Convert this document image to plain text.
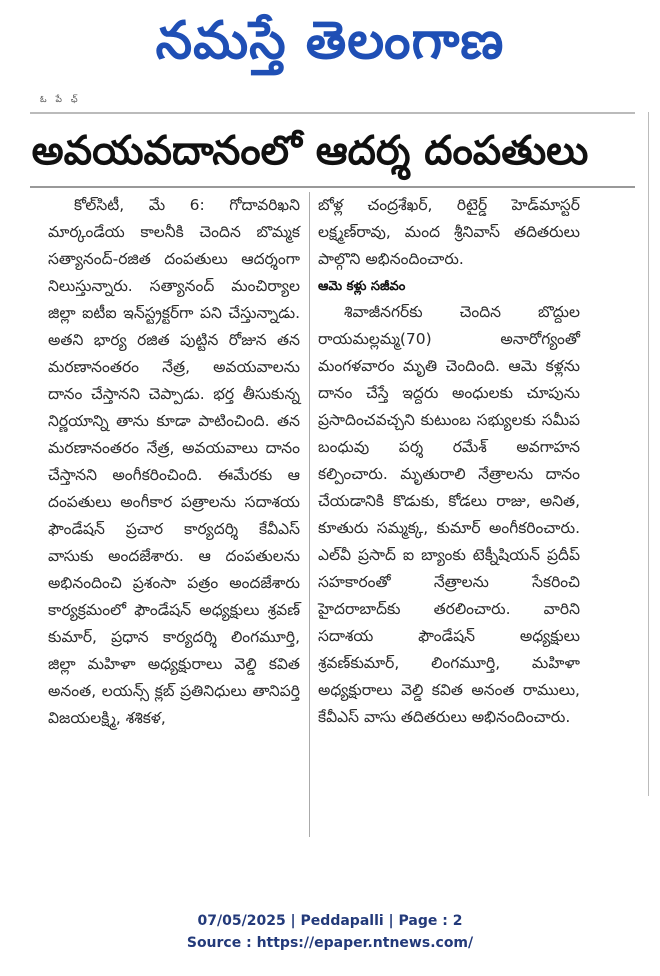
నమస్తే తెలంగాణ
ఓ పే ఛ్
అవయవదానంలో ఆదర్శ దంపతులు

కోల్‌సిటీ, మే 6: గోదావరిఖని మార్కండేయ కాలనీకి చెందిన బొమ్మక సత్యానంద్‌-రజిత దంపతులు ఆదర్శంగా నిలుస్తున్నారు. సత్యానంద్‌ మంచిర్యాల జిల్లా ఐటీఐ ఇన్‌స్ట్రక్టర్‌గా పని చేస్తున్నాడు. అతని భార్య రజిత పుట్టిన రోజున తన మరణానంతరం నేత్ర, అవయవాలను దానం చేస్తానని చెప్పాడు. భర్త తీసుకున్న నిర్ణయాన్ని తాను కూడా పాటించింది. తన మరణానంతరం నేత్ర, అవయవాలు దానం చేస్తానని అంగీకరించింది. ఈమేరకు ఆ దంపతులు అంగీకార పత్రాలను సదాశయ ఫౌండేషన్‌ ప్రచార కార్యదర్శి కేవీఎస్‌ వాసుకు అందజేశారు. ఆ దంపతులను అభినందించి ప్రశంసా పత్రం అందజేశారు కార్యక్రమంలో ఫౌండేషన్‌ అధ్యక్షులు శ్రవణ్‌ కుమార్‌, ప్రధాన కార్యదర్శి లింగమూర్తి, జిల్లా మహిళా అధ్యక్షురాలు వెల్డి కవిత అనంత, లయన్స్‌ క్లబ్‌ ప్రతినిధులు తానిపర్తి విజయలక్ష్మి, శశికళ,

బోళ్ల చంద్రశేఖర్‌, రిటైర్డ్‌ హెడ్‌మాస్టర్‌ లక్ష్మణ్‌రావు, మంద శ్రీనివాస్‌ తదితరులు పాల్గొని అభినందించారు.

ఆమె కళ్లు సజీవం

శివాజీనగర్‌కు చెందిన బొద్దుల రాయమల్లమ్మ(70) అనారోగ్యంతో మంగళవారం మృతి చెందింది. ఆమె కళ్లను దానం చేస్తే ఇద్దరు అంధులకు చూపును ప్రసాదించవచ్చని కుటుంబ సభ్యులకు సమీప బంధువు పర్శ రమేశ్‌ అవగాహన కల్పించారు. మృతురాలి నేత్రాలను దానం చేయడానికి కొడుకు, కోడలు రాజు, అనిత, కూతురు సమ్మక్క, కుమార్‌ అంగీకరించారు. ఎల్‌వీ ప్రసాద్‌ ఐ బ్యాంకు టెక్నీషియన్‌ ప్రదీప్‌ సహకారంతో నేత్రాలను సేకరించి హైదరాబాద్‌కు తరలించారు. వారిని సదాశయ ఫౌండేషన్‌ అధ్యక్షులు శ్రవణ్‌కుమార్‌, లింగమూర్తి, మహిళా అధ్యక్షురాలు వెల్డి కవిత అనంత రాములు, కేవీఎస్‌ వాసు తదితరులు అభినందించారు.

07/05/2025 | Peddapalli | Page : 2
Source : https://epaper.ntnews.com/
